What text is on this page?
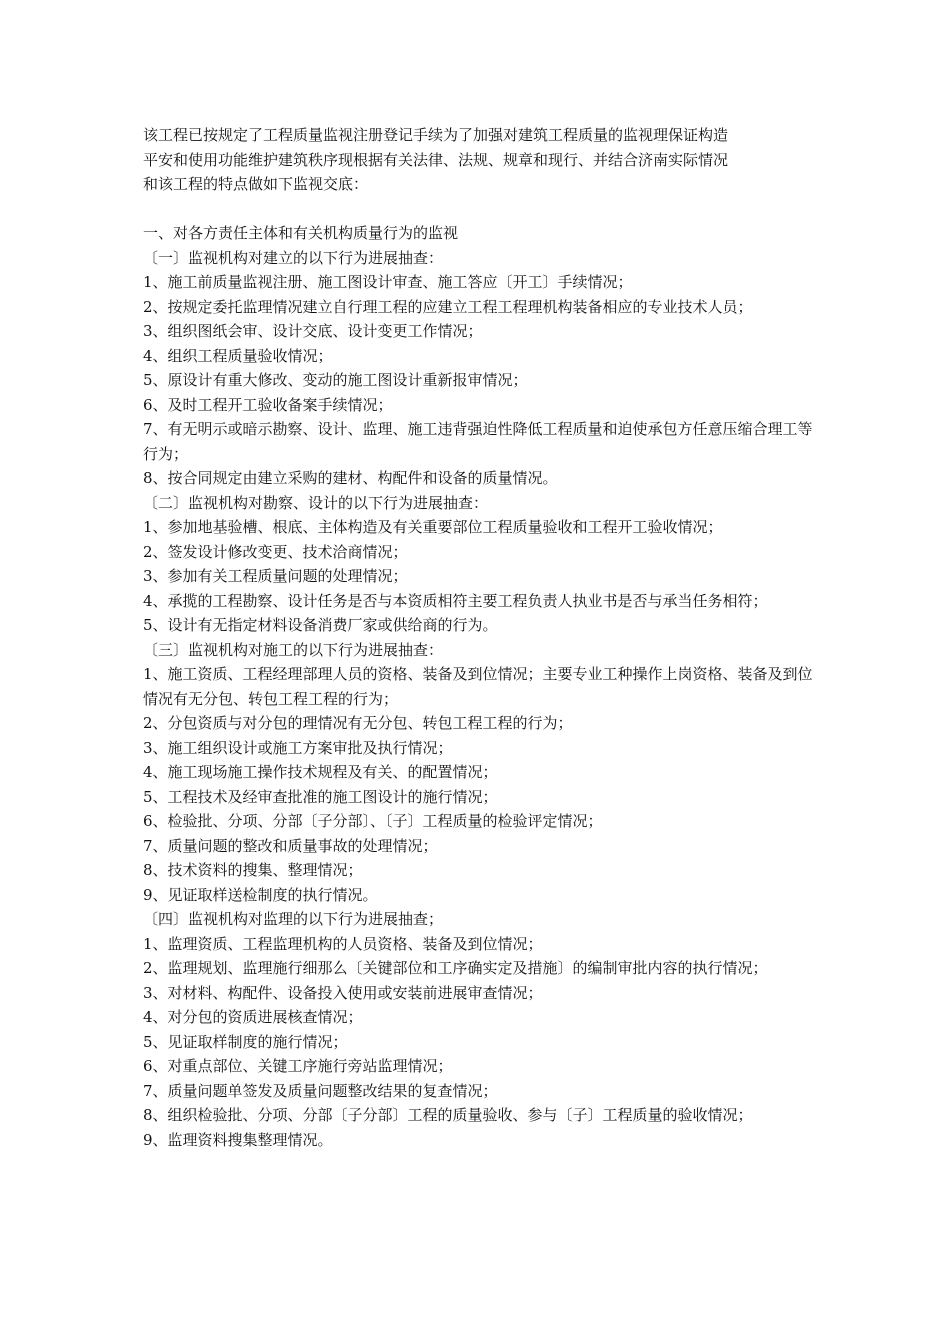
该工程已按规定了工程质量监视注册登记手续为了加强对建筑工程质量的监视理保证构造

平安和使用功能维护建筑秩序现根据有关法律、法规、规章和现行、并结合济南实际情况

和该工程的特点做如下监视交底：

一、对各方责任主体和有关机构质量行为的监视

〔一〕监视机构对建立的以下行为进展抽查：

1、施工前质量监视注册、施工图设计审查、施工答应〔开工〕手续情况；

2、按规定委托监理情况建立自行理工程的应建立工程工程理机构装备相应的专业技术人员；

3、组织图纸会审、设计交底、设计变更工作情况；

4、组织工程质量验收情况；

5、原设计有重大修改、变动的施工图设计重新报审情况；

6、及时工程开工验收备案手续情况；

7、有无明示或暗示勘察、设计、监理、施工违背强迫性降低工程质量和迫使承包方任意压缩合理工等行为；

8、按合同规定由建立采购的建材、构配件和设备的质量情况。

〔二〕监视机构对勘察、设计的以下行为进展抽查：

1、参加地基验槽、根底、主体构造及有关重要部位工程质量验收和工程开工验收情况；

2、签发设计修改变更、技术洽商情况；

3、参加有关工程质量问题的处理情况；

4、承揽的工程勘察、设计任务是否与本资质相符主要工程负责人执业书是否与承当任务相符；

5、设计有无指定材料设备消费厂家或供给商的行为。

〔三〕监视机构对施工的以下行为进展抽查：

1、施工资质、工程经理部理人员的资格、装备及到位情况；主要专业工种操作上岗资格、装备及到位情况有无分包、转包工程工程的行为；

2、分包资质与对分包的理情况有无分包、转包工程工程的行为；

3、施工组织设计或施工方案审批及执行情况；

4、施工现场施工操作技术规程及有关、的配置情况；

5、工程技术及经审查批准的施工图设计的施行情况；

6、检验批、分项、分部〔子分部〕、〔子〕工程质量的检验评定情况；

7、质量问题的整改和质量事故的处理情况；

8、技术资料的搜集、整理情况；

9、见证取样送检制度的执行情况。

〔四〕监视机构对监理的以下行为进展抽查；

1、监理资质、工程监理机构的人员资格、装备及到位情况；

2、监理规划、监理施行细那么〔关键部位和工序确实定及措施〕的编制审批内容的执行情况；

3、对材料、构配件、设备投入使用或安装前进展审查情况；

4、对分包的资质进展核查情况；

5、见证取样制度的施行情况；

6、对重点部位、关键工序施行旁站监理情况；

7、质量问题单签发及质量问题整改结果的复查情况；

8、组织检验批、分项、分部〔子分部〕工程的质量验收、参与〔子〕工程质量的验收情况；

9、监理资料搜集整理情况。
